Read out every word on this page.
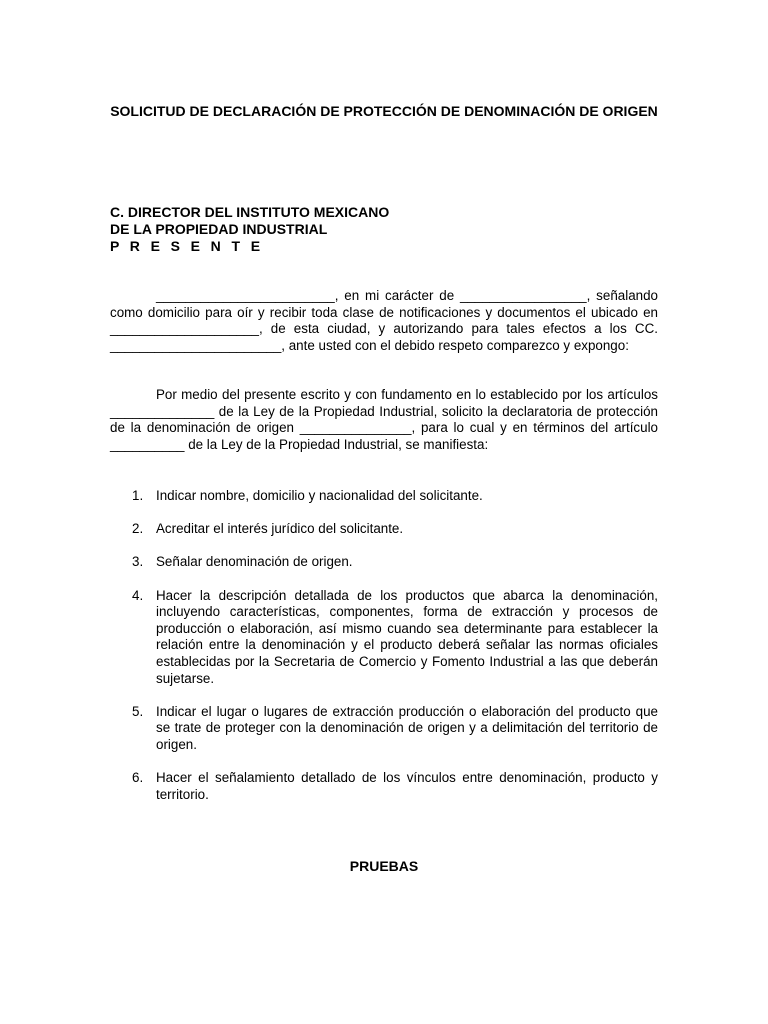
SOLICITUD DE DECLARACIÓN DE PROTECCIÓN DE DENOMINACIÓN DE ORIGEN
C. DIRECTOR DEL INSTITUTO MEXICANO
DE LA PROPIEDAD INDUSTRIAL
P R E S E N T E
________________________, en mi carácter de _________________, señalando como domicilio para oír y recibir toda clase de notificaciones y documentos el ubicado en ____________________, de esta ciudad, y autorizando para tales efectos a los CC. _______________________, ante usted con el debido respeto comparezco y expongo:
Por medio del presente escrito y con fundamento en lo establecido por los artículos ______________ de la Ley de la Propiedad Industrial, solicito la declaratoria de protección de la denominación de origen _______________, para lo cual y en términos del artículo __________ de la Ley de la Propiedad Industrial, se manifiesta:
1. Indicar nombre, domicilio y nacionalidad del solicitante.
2. Acreditar el interés jurídico del solicitante.
3. Señalar denominación de origen.
4. Hacer la descripción detallada de los productos que abarca la denominación, incluyendo características, componentes, forma de extracción y procesos de producción o elaboración, así mismo cuando sea determinante para establecer la relación entre la denominación y el producto deberá señalar las normas oficiales establecidas por la Secretaria de Comercio y Fomento Industrial a las que deberán sujetarse.
5. Indicar el lugar o lugares de extracción producción o elaboración del producto que se trate de proteger con la denominación de origen y a delimitación del territorio de origen.
6. Hacer el señalamiento detallado de los vínculos entre denominación, producto y territorio.
PRUEBAS
